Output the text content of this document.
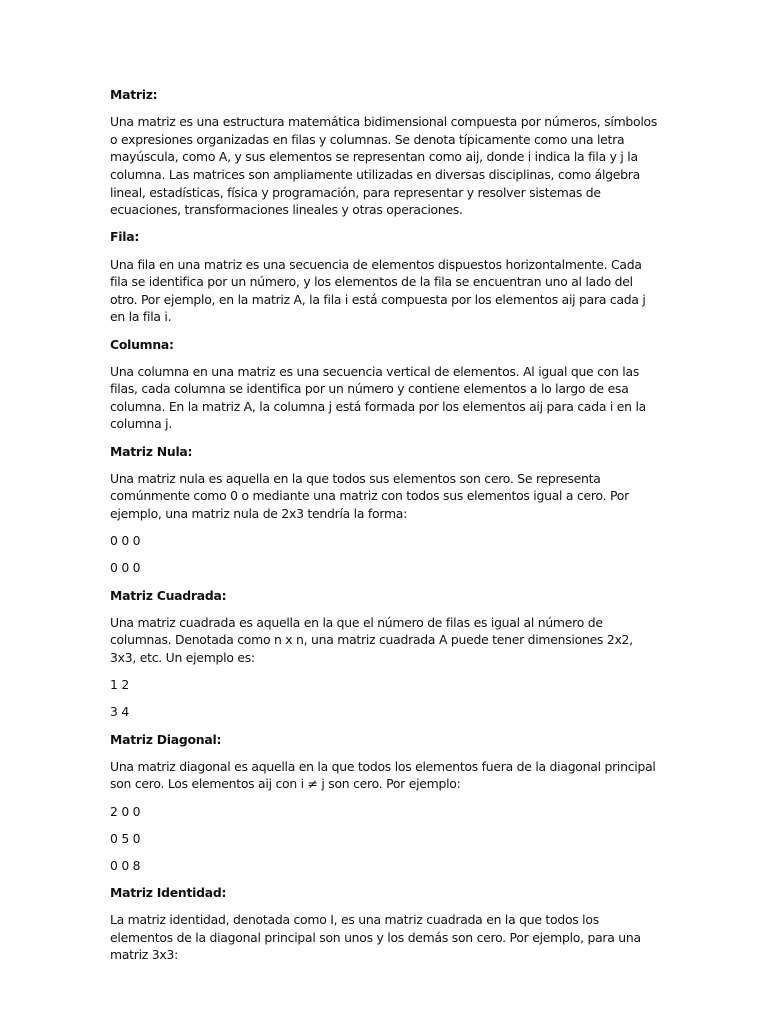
Matriz:

Una matriz es una estructura matemática bidimensional compuesta por números, símbolos o expresiones organizadas en filas y columnas. Se denota típicamente como una letra mayúscula, como A, y sus elementos se representan como aij, donde i indica la fila y j la columna. Las matrices son ampliamente utilizadas en diversas disciplinas, como álgebra lineal, estadísticas, física y programación, para representar y resolver sistemas de ecuaciones, transformaciones lineales y otras operaciones.

Fila:

Una fila en una matriz es una secuencia de elementos dispuestos horizontalmente. Cada fila se identifica por un número, y los elementos de la fila se encuentran uno al lado del otro. Por ejemplo, en la matriz A, la fila i está compuesta por los elementos aij para cada j en la fila i.

Columna:

Una columna en una matriz es una secuencia vertical de elementos. Al igual que con las filas, cada columna se identifica por un número y contiene elementos a lo largo de esa columna. En la matriz A, la columna j está formada por los elementos aij para cada i en la columna j.

Matriz Nula:

Una matriz nula es aquella en la que todos sus elementos son cero. Se representa comúnmente como 0 o mediante una matriz con todos sus elementos igual a cero. Por ejemplo, una matriz nula de 2x3 tendría la forma:

0 0 0

0 0 0

Matriz Cuadrada:

Una matriz cuadrada es aquella en la que el número de filas es igual al número de columnas. Denotada como n x n, una matriz cuadrada A puede tener dimensiones 2x2, 3x3, etc. Un ejemplo es:

1 2

3 4

Matriz Diagonal:

Una matriz diagonal es aquella en la que todos los elementos fuera de la diagonal principal son cero. Los elementos aij con i ≠ j son cero. Por ejemplo:

2 0 0

0 5 0

0 0 8

Matriz Identidad:

La matriz identidad, denotada como I, es una matriz cuadrada en la que todos los elementos de la diagonal principal son unos y los demás son cero. Por ejemplo, para una matriz 3x3:
